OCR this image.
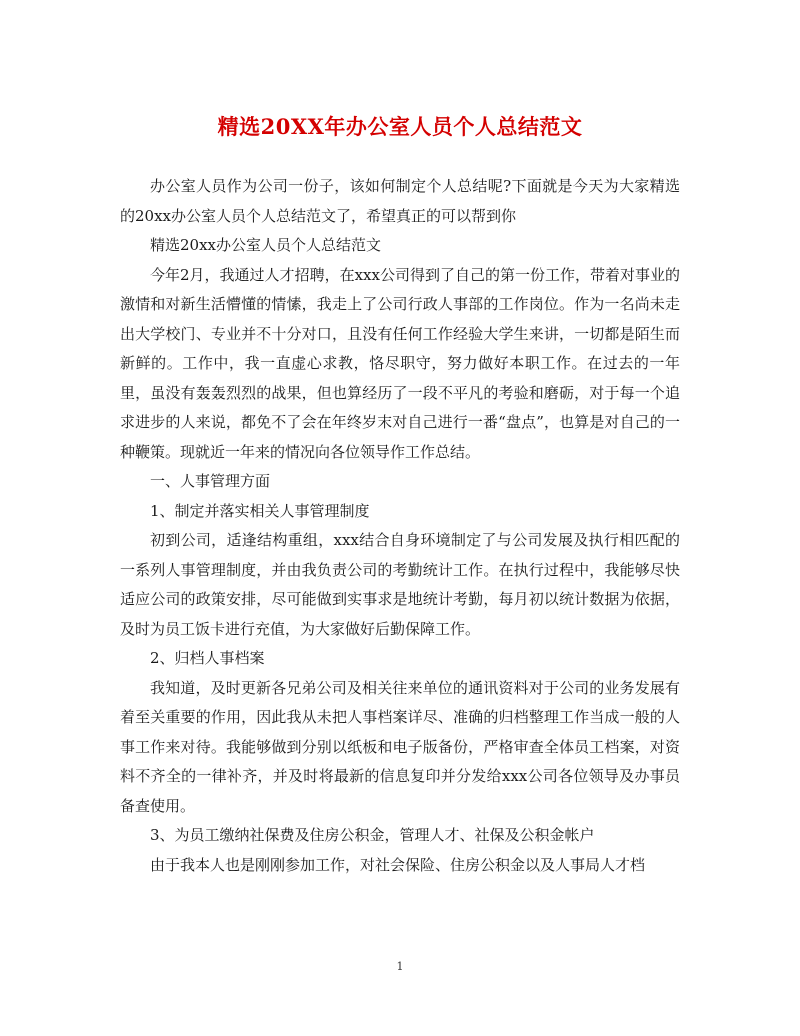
精选20XX年办公室人员个人总结范文

办公室人员作为公司一份子，该如何制定个人总结呢?下面就是今天为大家精选的20xx办公室人员个人总结范文了，希望真正的可以帮到你

精选20xx办公室人员个人总结范文

今年2月，我通过人才招聘，在xxx公司得到了自己的第一份工作，带着对事业的激情和对新生活懵懂的情愫，我走上了公司行政人事部的工作岗位。作为一名尚未走出大学校门、专业并不十分对口，且没有任何工作经验大学生来讲，一切都是陌生而新鲜的。工作中，我一直虚心求教，恪尽职守，努力做好本职工作。在过去的一年里，虽没有轰轰烈烈的战果，但也算经历了一段不平凡的考验和磨砺，对于每一个追求进步的人来说，都免不了会在年终岁末对自己进行一番“盘点”，也算是对自己的一种鞭策。现就近一年来的情况向各位领导作工作总结。

一、人事管理方面

1、制定并落实相关人事管理制度

初到公司，适逢结构重组，xxx结合自身环境制定了与公司发展及执行相匹配的一系列人事管理制度，并由我负责公司的考勤统计工作。在执行过程中，我能够尽快适应公司的政策安排，尽可能做到实事求是地统计考勤，每月初以统计数据为依据，及时为员工饭卡进行充值，为大家做好后勤保障工作。

2、归档人事档案

我知道，及时更新各兄弟公司及相关往来单位的通讯资料对于公司的业务发展有着至关重要的作用，因此我从未把人事档案详尽、准确的归档整理工作当成一般的人事工作来对待。我能够做到分别以纸板和电子版备份，严格审查全体员工档案，对资料不齐全的一律补齐，并及时将最新的信息复印并分发给xxx公司各位领导及办事员备查使用。

3、为员工缴纳社保费及住房公积金，管理人才、社保及公积金帐户

由于我本人也是刚刚参加工作，对社会保险、住房公积金以及人事局人才档

1
